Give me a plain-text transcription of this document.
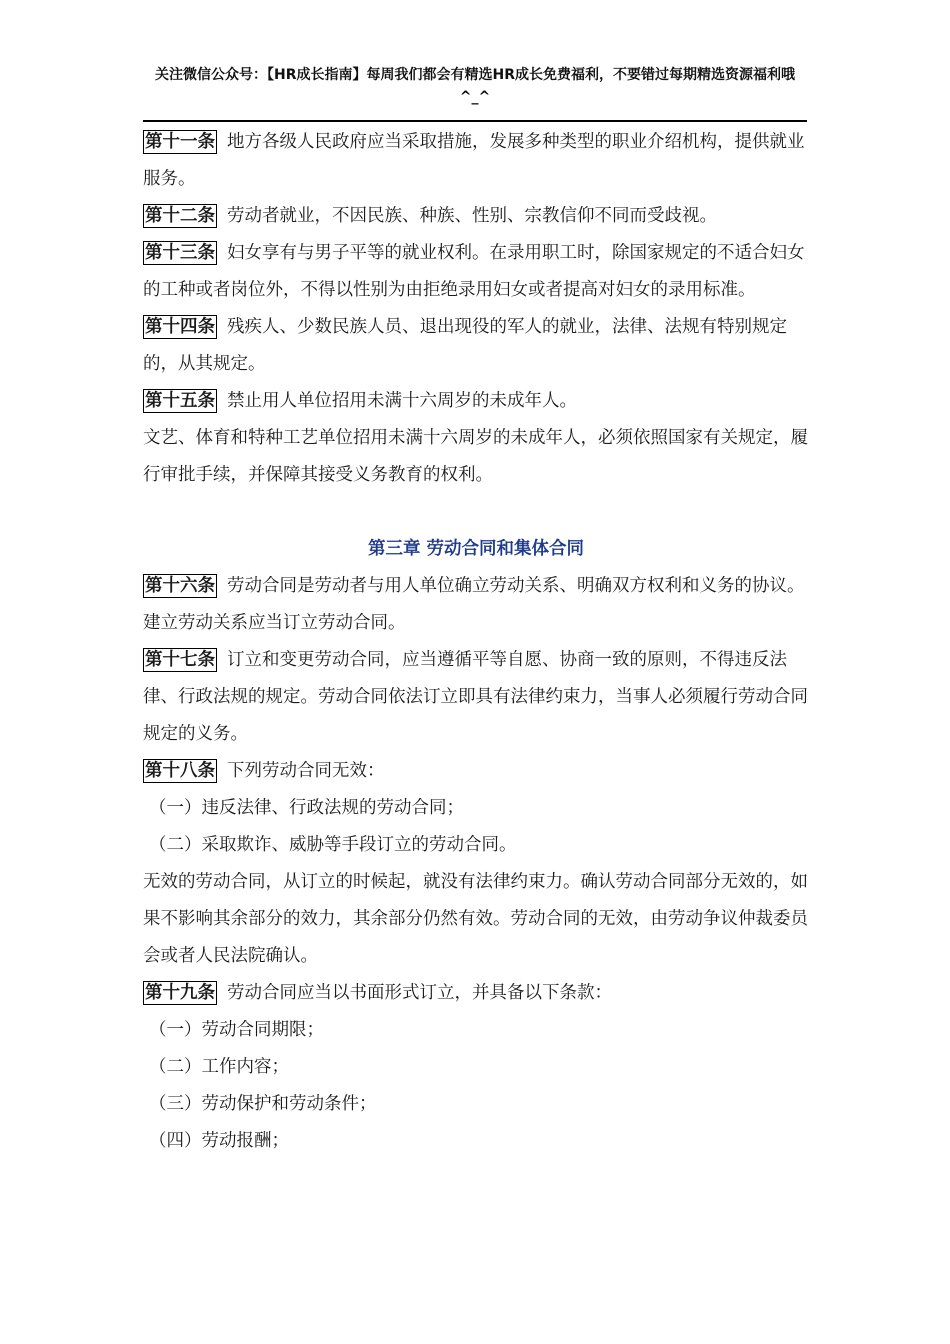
关注微信公众号：【HR成长指南】每周我们都会有精选HR成长免费福利，不要错过每期精选资源福利哦
^_^

第十一条 地方各级人民政府应当采取措施，发展多种类型的职业介绍机构，提供就业服务。

第十二条 劳动者就业，不因民族、种族、性别、宗教信仰不同而受歧视。

第十三条 妇女享有与男子平等的就业权利。在录用职工时，除国家规定的不适合妇女的工种或者岗位外，不得以性别为由拒绝录用妇女或者提高对妇女的录用标准。

第十四条 残疾人、少数民族人员、退出现役的军人的就业，法律、法规有特别规定的，从其规定。

第十五条 禁止用人单位招用未满十六周岁的未成年人。

文艺、体育和特种工艺单位招用未满十六周岁的未成年人，必须依照国家有关规定，履行审批手续，并保障其接受义务教育的权利。

第三章 劳动合同和集体合同

第十六条 劳动合同是劳动者与用人单位确立劳动关系、明确双方权利和义务的协议。

建立劳动关系应当订立劳动合同。

第十七条 订立和变更劳动合同，应当遵循平等自愿、协商一致的原则，不得违反法律、行政法规的规定。劳动合同依法订立即具有法律约束力，当事人必须履行劳动合同规定的义务。

第十八条 下列劳动合同无效：

（一）违反法律、行政法规的劳动合同；

（二）采取欺诈、威胁等手段订立的劳动合同。

无效的劳动合同，从订立的时候起，就没有法律约束力。确认劳动合同部分无效的，如果不影响其余部分的效力，其余部分仍然有效。劳动合同的无效，由劳动争议仲裁委员会或者人民法院确认。

第十九条 劳动合同应当以书面形式订立，并具备以下条款：

（一）劳动合同期限；

（二）工作内容；

（三）劳动保护和劳动条件；

（四）劳动报酬；
